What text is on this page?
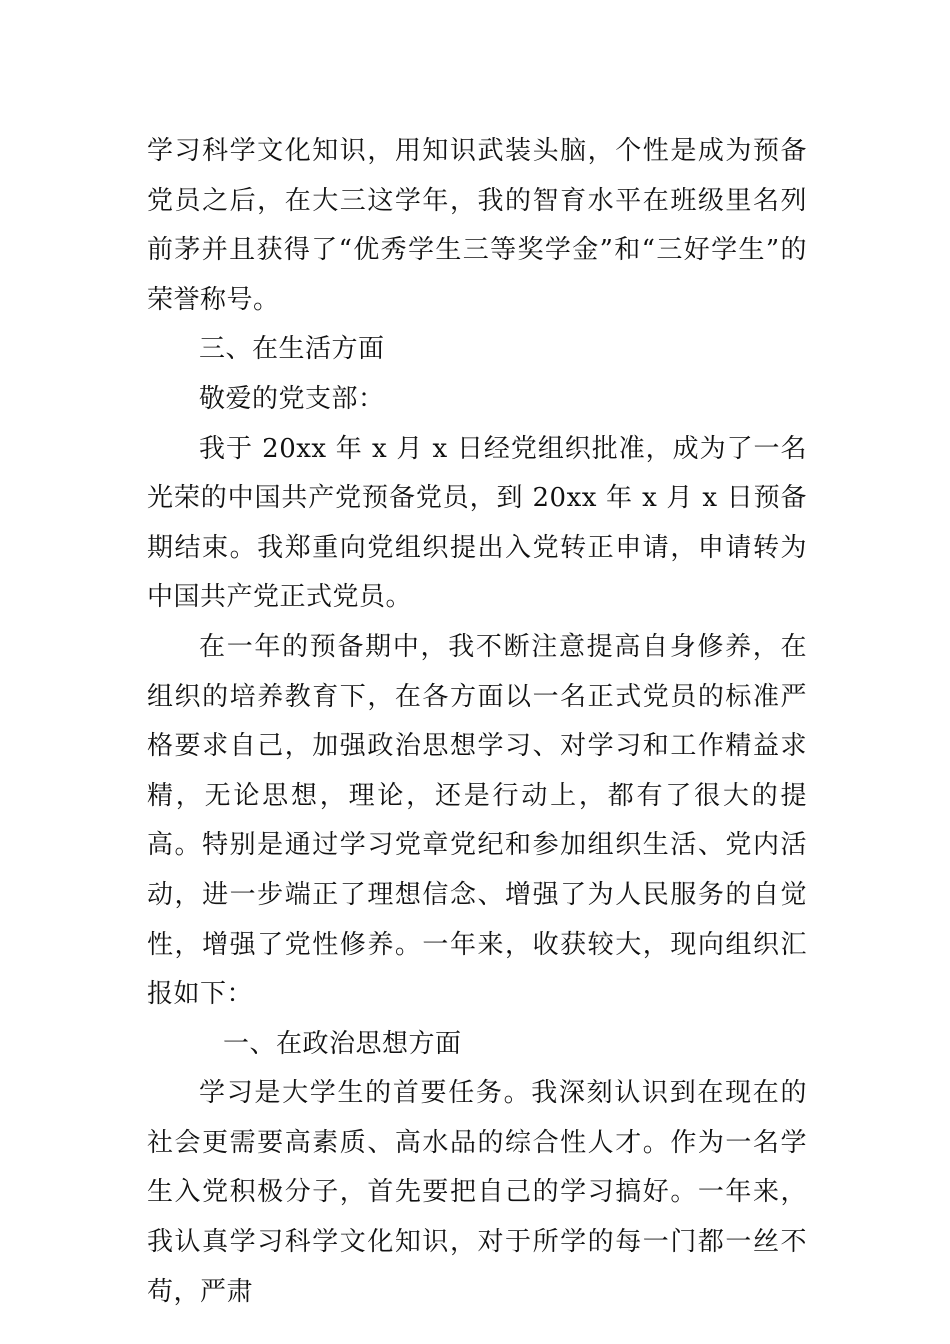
学习科学文化知识，用知识武装头脑，个性是成为预备党员之后，在大三这学年，我的智育水平在班级里名列前茅并且获得了“优秀学生三等奖学金”和“三好学生”的荣誉称号。

三、在生活方面

敬爱的党支部：

我于 20xx 年 x 月 x 日经党组织批准，成为了一名光荣的中国共产党预备党员，到 20xx 年 x 月 x 日预备期结束。我郑重向党组织提出入党转正申请，申请转为中国共产党正式党员。

在一年的预备期中，我不断注意提高自身修养，在组织的培养教育下，在各方面以一名正式党员的标准严格要求自己，加强政治思想学习、对学习和工作精益求精，无论思想，理论，还是行动上，都有了很大的提高。特别是通过学习党章党纪和参加组织生活、党内活动，进一步端正了理想信念、增强了为人民服务的自觉性，增强了党性修养。一年来，收获较大，现向组织汇报如下：

一、在政治思想方面

学习是大学生的首要任务。我深刻认识到在现在的社会更需要高素质、高水品的综合性人才。作为一名学生入党积极分子，首先要把自己的学习搞好。一年来，我认真学习科学文化知识，对于所学的每一门都一丝不苟，严肃
